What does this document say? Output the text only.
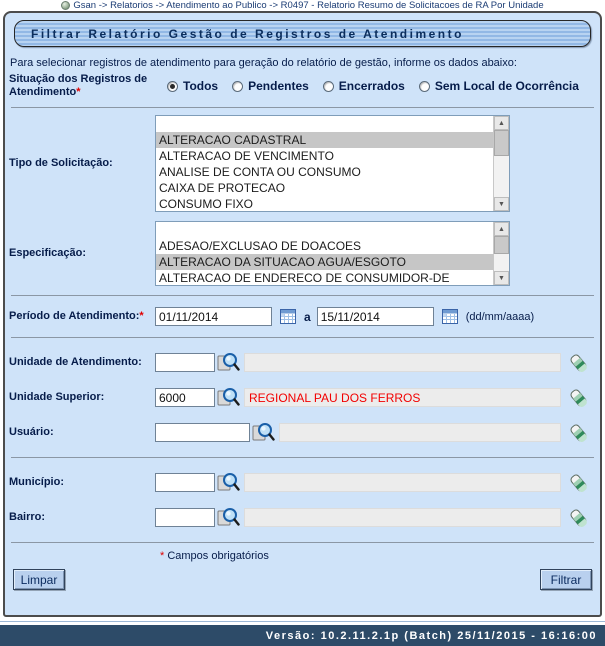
Gsan -> Relatorios -> Atendimento ao Publico -> R0497 - Relatorio Resumo de Solicitacoes de RA Por Unidade
Filtrar Relatório Gestão de Registros de Atendimento
Para selecionar registros de atendimento para geração do relatório de gestão, informe os dados abaixo:
Situação dos Registros de Atendimento*	Todos	Pendentes	Encerrados	Sem Local de Ocorrência
Tipo de Solicitação:
ALTERACAO CADASTRAL
ALTERACAO DE VENCIMENTO
ANALISE DE CONTA OU CONSUMO
CAIXA DE PROTECAO
CONSUMO FIXO
▲
▼
Especificação:	ADESAO/EXCLUSAO DE DOACOES
ALTERACAO DA SITUACAO AGUA/ESGOTO
ALTERACAO DE ENDERECO DE CONSUMIDOR-DE
▲
▼
Período de Atendimento:*
01/11/2014	a
15/11/2014	(dd/mm/aaaa)
Unidade de Atendimento:
Unidade Superior:
6000	REGIONAL PAU DOS FERROS
Usuário:
Município:
Bairro:
* Campos obrigatórios
Limpar	Filtrar
Versão: 10.2.11.2.1p (Batch) 25/11/2015 - 16:16:00
